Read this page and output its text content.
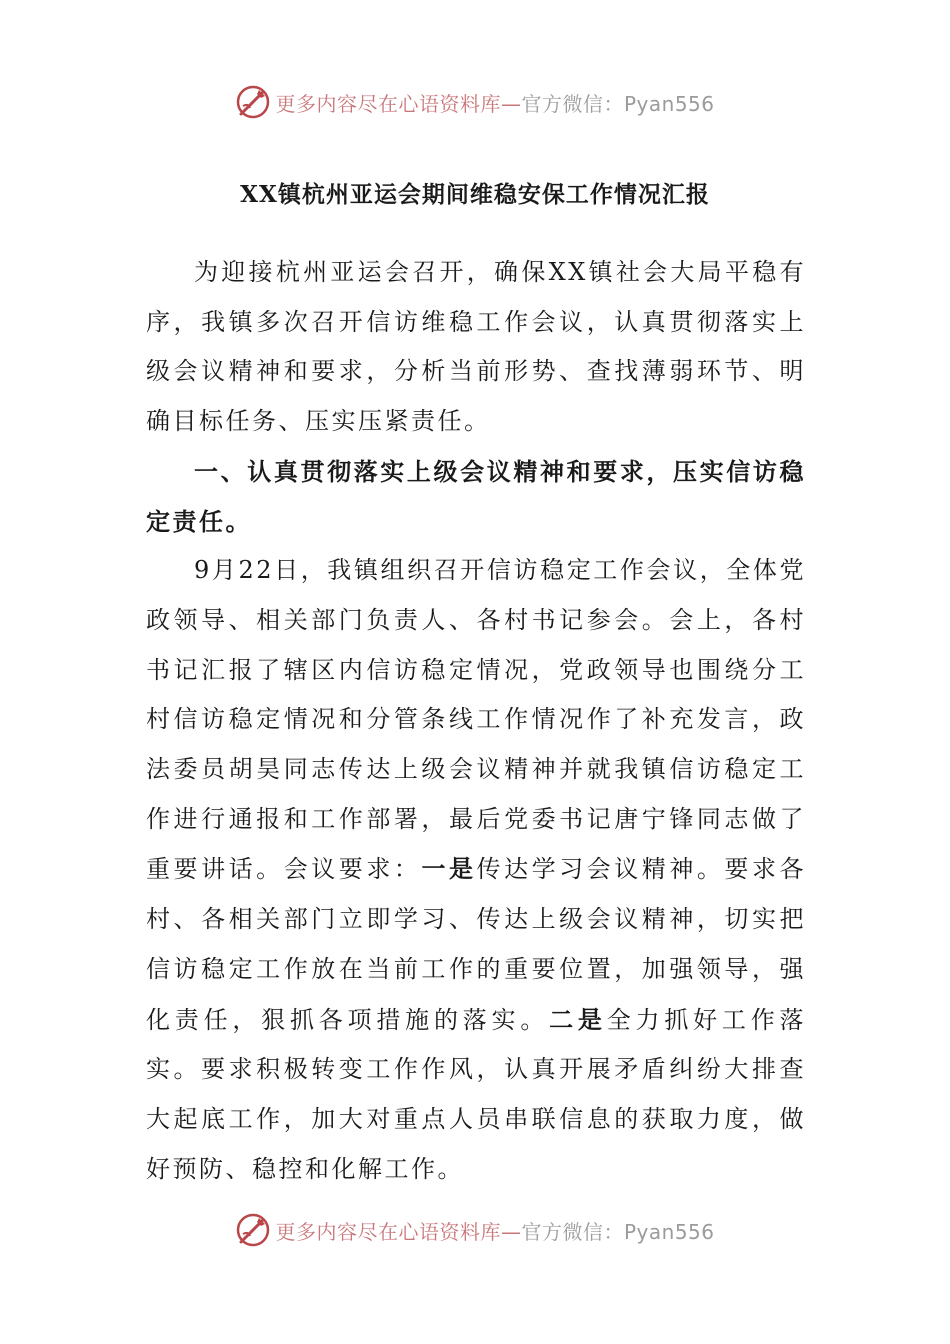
更多内容尽在心语资料库—官方微信：Pyan556
XX镇杭州亚运会期间维稳安保工作情况汇报

为迎接杭州亚运会召开，确保XX镇社会大局平稳有序，我镇多次召开信访维稳工作会议，认真贯彻落实上级会议精神和要求，分析当前形势、查找薄弱环节、明确目标任务、压实压紧责任。

一、认真贯彻落实上级会议精神和要求，压实信访稳定责任。

9月22日，我镇组织召开信访稳定工作会议，全体党政领导、相关部门负责人、各村书记参会。会上，各村书记汇报了辖区内信访稳定情况，党政领导也围绕分工村信访稳定情况和分管条线工作情况作了补充发言，政法委员胡昊同志传达上级会议精神并就我镇信访稳定工作进行通报和工作部署，最后党委书记唐宁锋同志做了重要讲话。会议要求：一是传达学习会议精神。要求各村、各相关部门立即学习、传达上级会议精神，切实把信访稳定工作放在当前工作的重要位置，加强领导，强化责任，狠抓各项措施的落实。二是全力抓好工作落实。要求积极转变工作作风，认真开展矛盾纠纷大排查大起底工作，加大对重点人员串联信息的获取力度，做好预防、稳控和化解工作。

更多内容尽在心语资料库—官方微信：Pyan556
